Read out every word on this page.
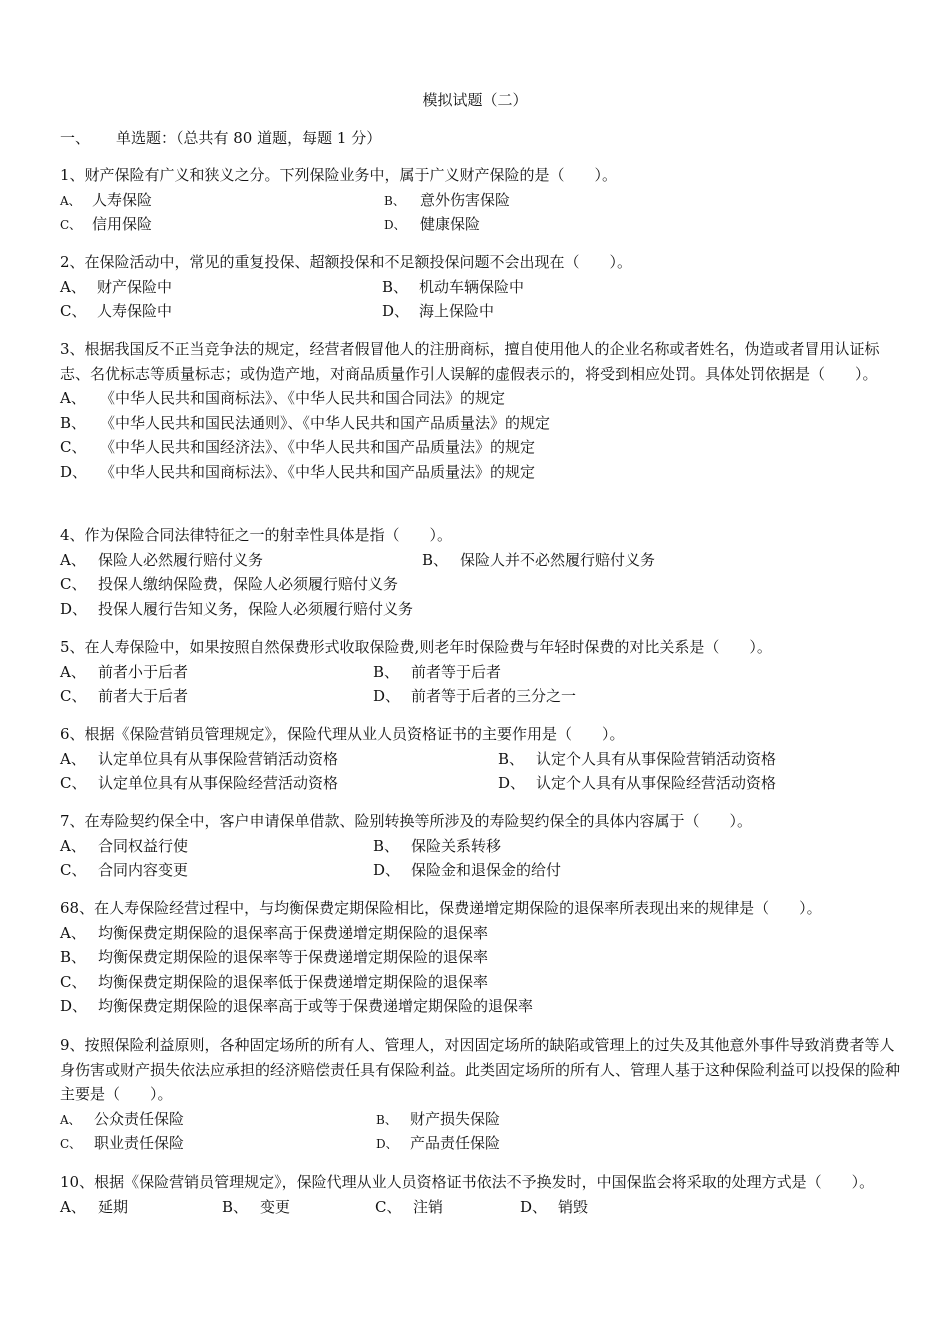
模拟试题（二）
一、 单选题：（总共有 80 道题，每题 1 分）

1、财产保险有广义和狭义之分。下列保险业务中，属于广义财产保险的是（　　）。

A、 人寿保险	B、 意外伤害保险
C、 信用保险	D、 健康保险

2、在保险活动中，常见的重复投保、超额投保和不足额投保问题不会出现在（　　）。

A、 财产保险中	B、 机动车辆保险中
C、 人寿保险中	D、 海上保险中

3、根据我国反不正当竞争法的规定，经营者假冒他人的注册商标，擅自使用他人的企业名称或者姓名，伪造或者冒用认证标志、名优标志等质量标志；或伪造产地，对商品质量作引人误解的虚假表示的，将受到相应处罚。具体处罚依据是（　　）。

A、 《中华人民共和国商标法》、《中华人民共和国合同法》的规定
B、 《中华人民共和国民法通则》、《中华人民共和国产品质量法》的规定
C、 《中华人民共和国经济法》、《中华人民共和国产品质量法》的规定
D、 《中华人民共和国商标法》、《中华人民共和国产品质量法》的规定

4、作为保险合同法律特征之一的射幸性具体是指（　　）。

A、 保险人必然履行赔付义务	B、 保险人并不必然履行赔付义务
C、 投保人缴纳保险费，保险人必须履行赔付义务
D、 投保人履行告知义务，保险人必须履行赔付义务

5、在人寿保险中，如果按照自然保费形式收取保险费,则老年时保险费与年轻时保费的对比关系是（　　）。

A、 前者小于后者	B、 前者等于后者
C、 前者大于后者	D、 前者等于后者的三分之一

6、根据《保险营销员管理规定》，保险代理从业人员资格证书的主要作用是（　　）。

A、 认定单位具有从事保险营销活动资格	B、 认定个人具有从事保险营销活动资格
C、 认定单位具有从事保险经营活动资格	D、 认定个人具有从事保险经营活动资格

7、在寿险契约保全中，客户申请保单借款、险别转换等所涉及的寿险契约保全的具体内容属于（　　）。

A、 合同权益行使	B、 保险关系转移
C、 合同内容变更	D、 保险金和退保金的给付

68、在人寿保险经营过程中，与均衡保费定期保险相比，保费递增定期保险的退保率所表现出来的规律是（　　）。

A、 均衡保费定期保险的退保率高于保费递增定期保险的退保率
B、 均衡保费定期保险的退保率等于保费递增定期保险的退保率
C、 均衡保费定期保险的退保率低于保费递增定期保险的退保率
D、 均衡保费定期保险的退保率高于或等于保费递增定期保险的退保率

9、按照保险利益原则，各种固定场所的所有人、管理人，对因固定场所的缺陷或管理上的过失及其他意外事件导致消费者等人身伤害或财产损失依法应承担的经济赔偿责任具有保险利益。此类固定场所的所有人、管理人基于这种保险利益可以投保的险种主要是（　　）。

A、 公众责任保险	B、 财产损失保险
C、 职业责任保险	D、 产品责任保险

10、根据《保险营销员管理规定》，保险代理从业人员资格证书依法不予换发时，中国保监会将采取的处理方式是（　　）。

A、 延期	B、 变更	C、 注销	D、 销毁
